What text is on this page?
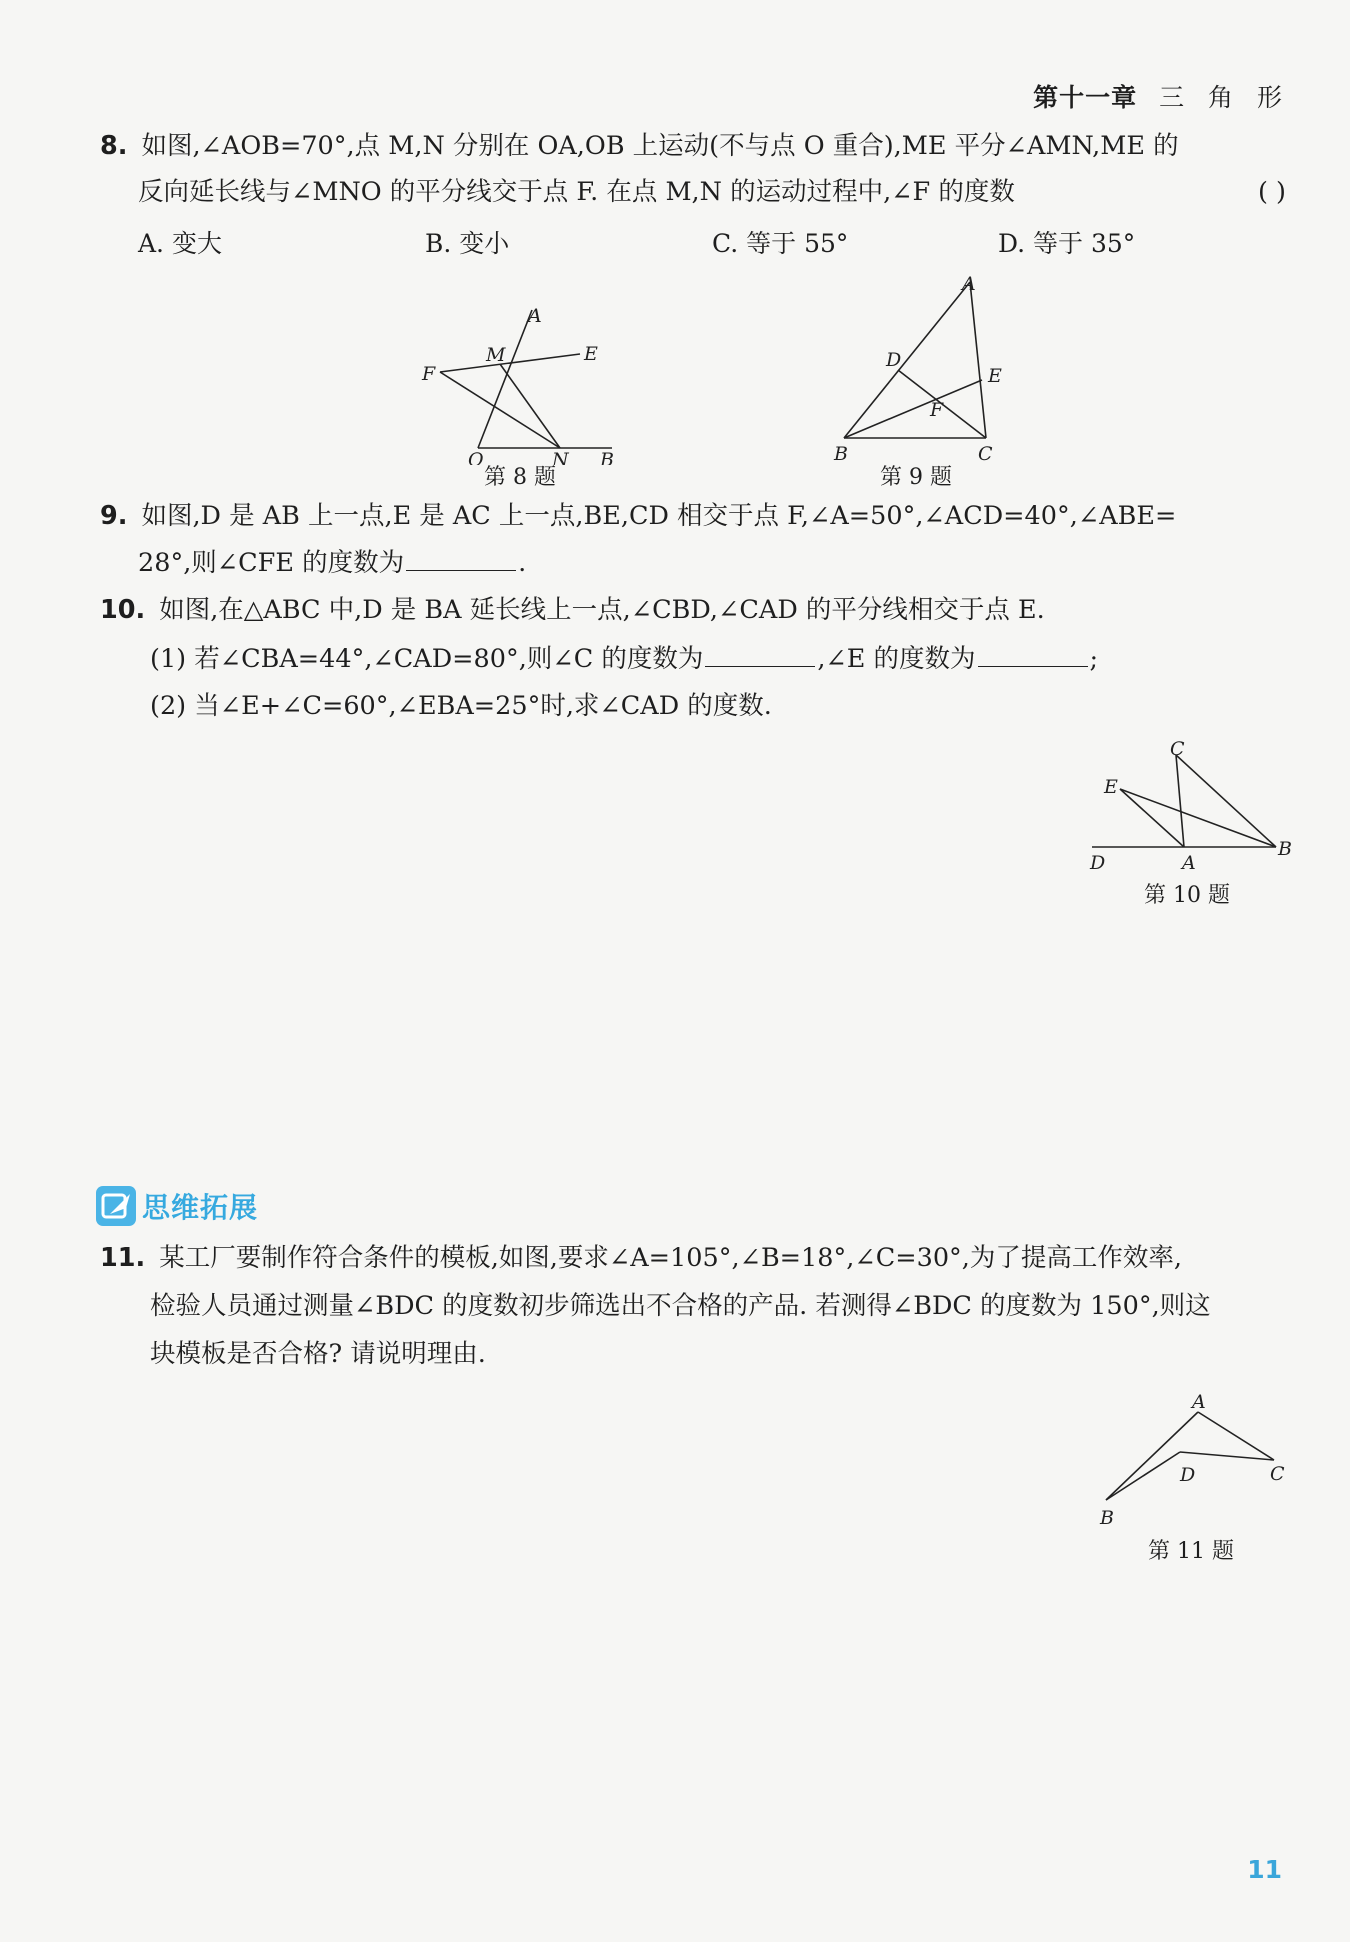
第十一章 三 角 形
8. 如图,∠AOB=70°,点 M,N 分别在 OA,OB 上运动(不与点 O 重合),ME 平分∠AMN,ME 的
反向延长线与∠MNO 的平分线交于点 F. 在点 M,N 的运动过程中,∠F 的度数	( )
A. 变大	B. 变小	C. 等于 55°	D. 等于 35°
A
M	E
F
O	N B
第 8 题
A
D
E
F
B	C
第 9 题
9. 如图,D 是 AB 上一点,E 是 AC 上一点,BE,CD 相交于点 F,∠A=50°,∠ACD=40°,∠ABE=
28°,则∠CFE 的度数为	.
10. 如图,在△ABC 中,D 是 BA 延长线上一点,∠CBD,∠CAD 的平分线相交于点 E.
(1) 若∠CBA=44°,∠CAD=80°,则∠C 的度数为	,∠E 的度数为	;
(2) 当∠E+∠C=60°,∠EBA=25°时,求∠CAD 的度数.
C
E
D	A
B
第 10 题
思维拓展
11. 某工厂要制作符合条件的模板,如图,要求∠A=105°,∠B=18°,∠C=30°,为了提高工作效率,
检验人员通过测量∠BDC 的度数初步筛选出不合格的产品. 若测得∠BDC 的度数为 150°,则这
块模板是否合格? 请说明理由.
A
D	C
B
第 11 题
11
